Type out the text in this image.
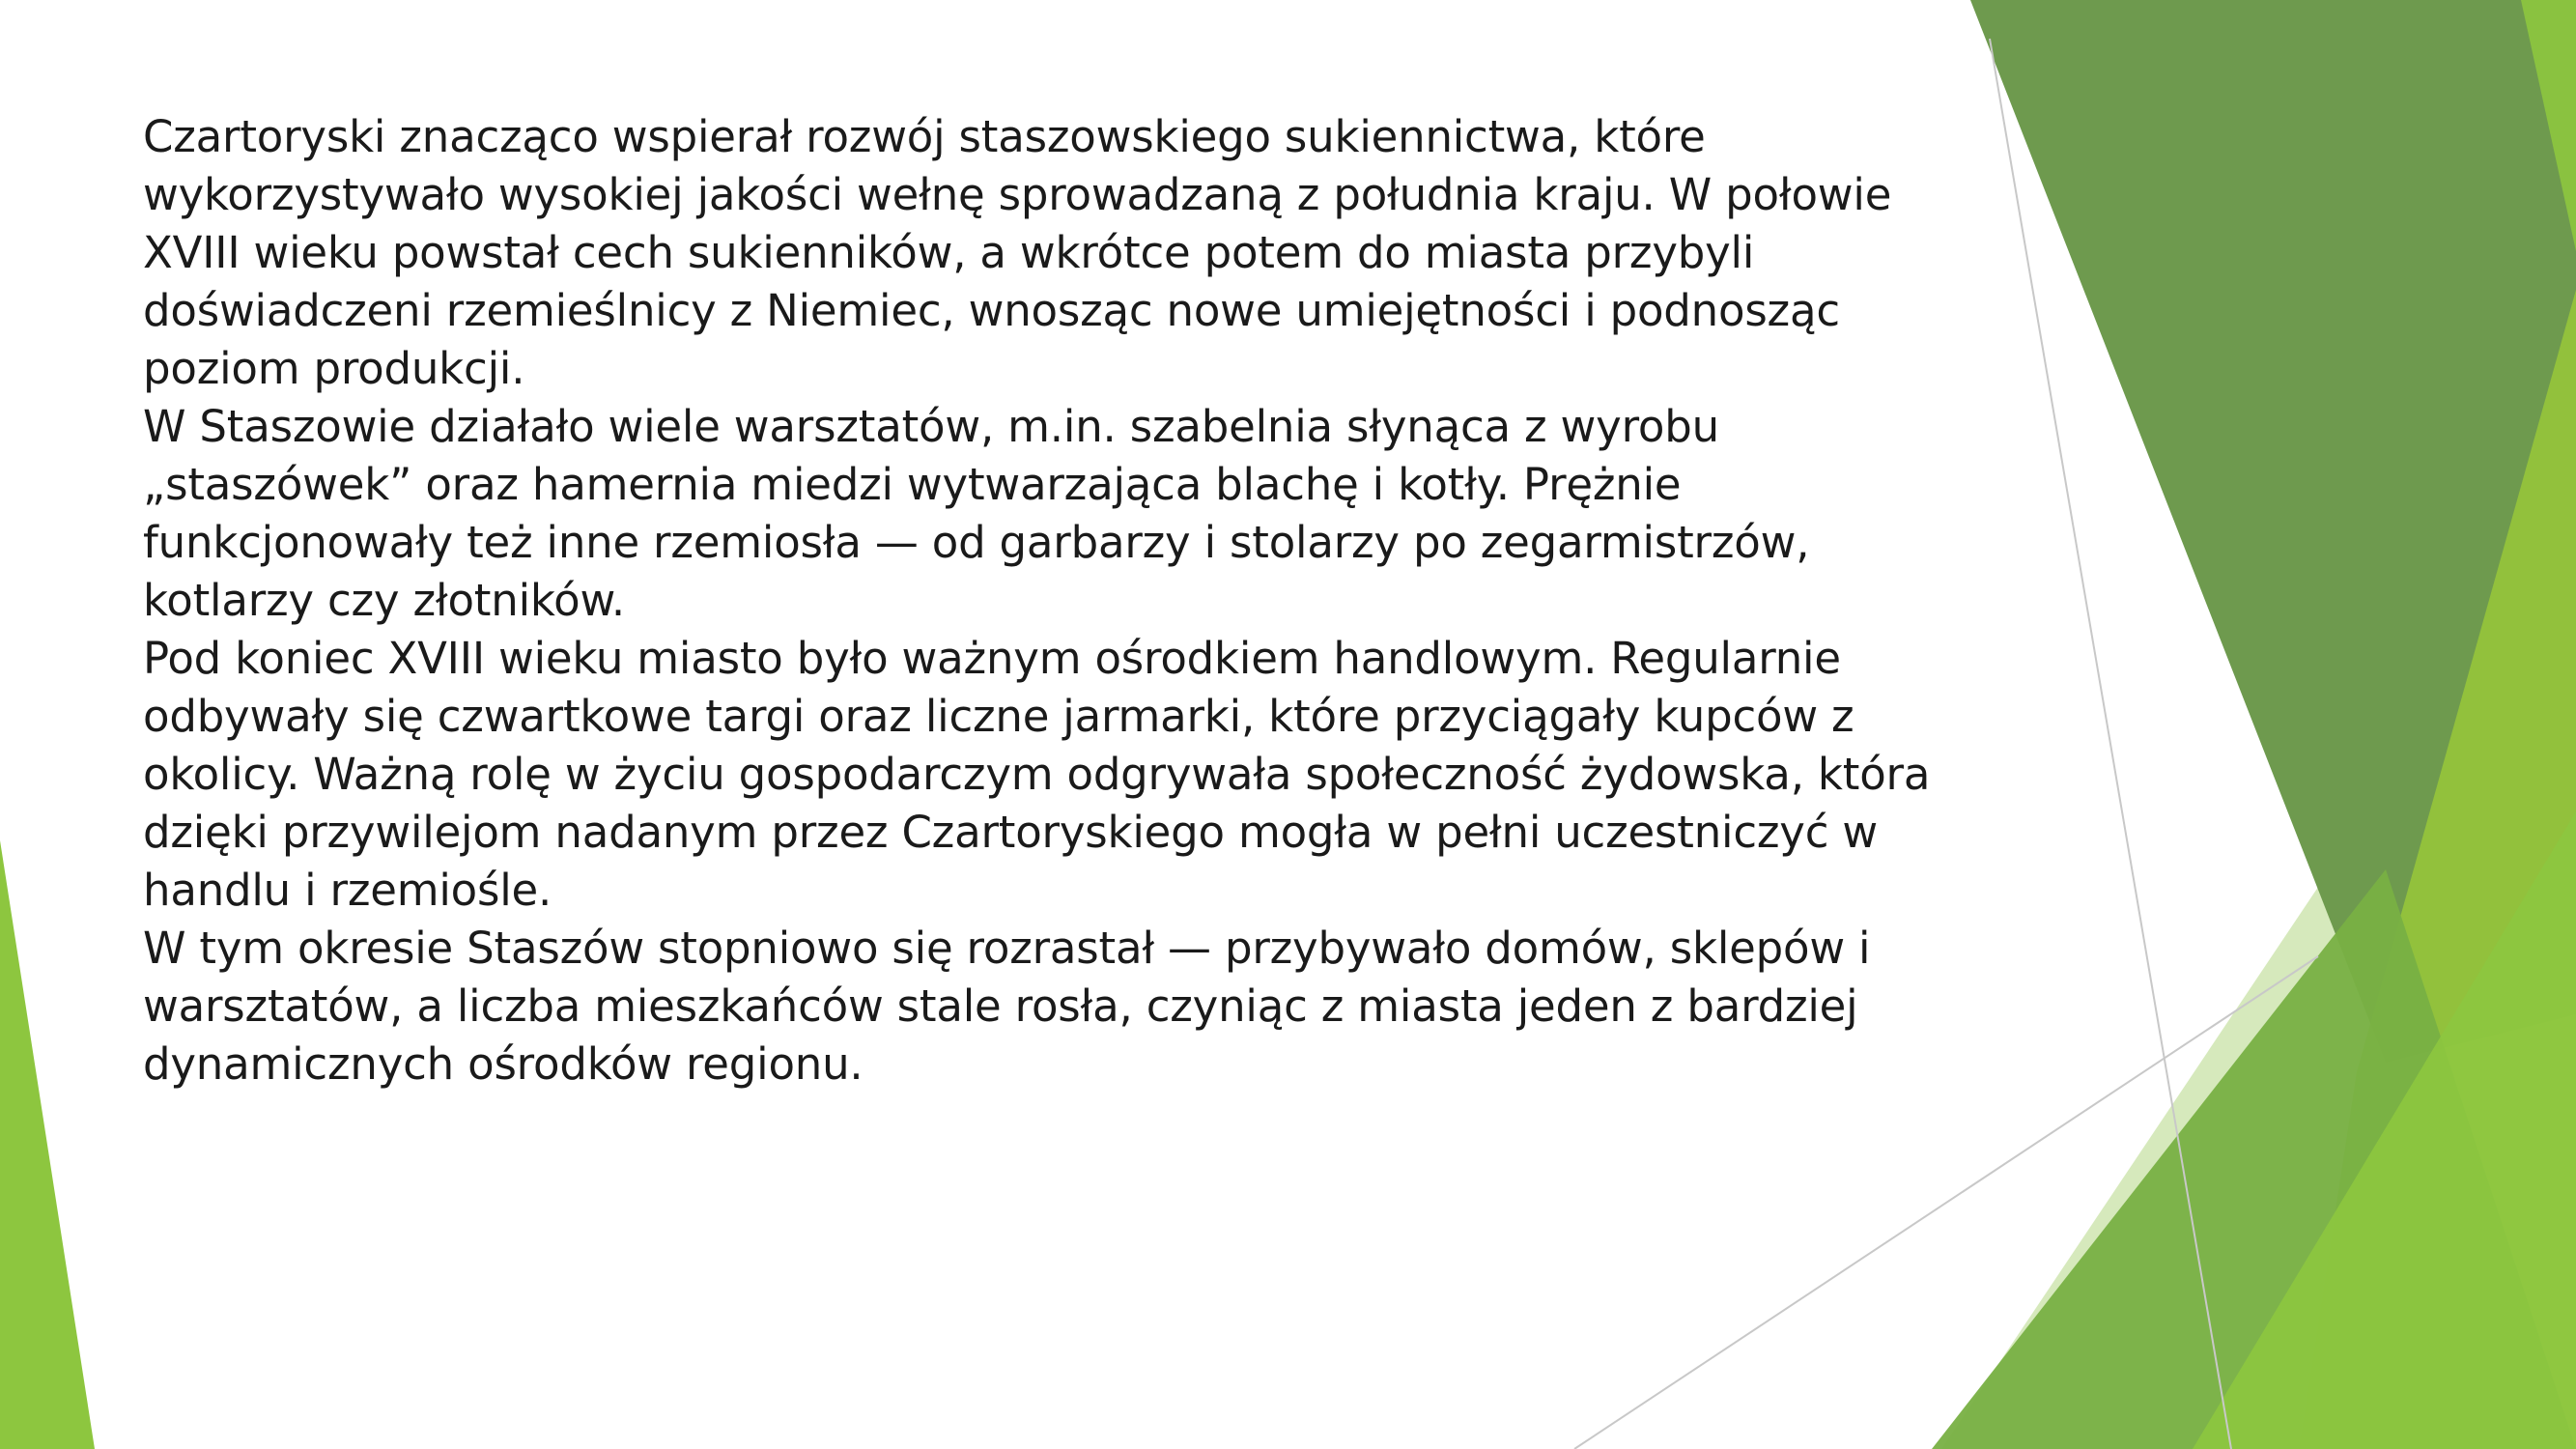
Czartoryski znacząco wspierał rozwój staszowskiego sukiennictwa, które wykorzystywało wysokiej jakości wełnę sprowadzaną z południa kraju. W połowie XVIII wieku powstał cech sukienników, a wkrótce potem do miasta przybyli doświadczeni rzemieślnicy z Niemiec, wnosząc nowe umiejętności i podnosząc poziom produkcji.

W Staszowie działało wiele warsztatów, m.in. szabelnia słynąca z wyrobu „staszówek” oraz hamernia miedzi wytwarzająca blachę i kotły. Prężnie funkcjonowały też inne rzemiosła — od garbarzy i stolarzy po zegarmistrzów, kotlarzy czy złotników.

Pod koniec XVIII wieku miasto było ważnym ośrodkiem handlowym. Regularnie odbywały się czwartkowe targi oraz liczne jarmarki, które przyciągały kupców z okolicy. Ważną rolę w życiu gospodarczym odgrywała społeczność żydowska, która dzięki przywilejom nadanym przez Czartoryskiego mogła w pełni uczestniczyć w handlu i rzemiośle.

W tym okresie Staszów stopniowo się rozrastał — przybywało domów, sklepów i warsztatów, a liczba mieszkańców stale rosła, czyniąc z miasta jeden z bardziej dynamicznych ośrodków regionu.
